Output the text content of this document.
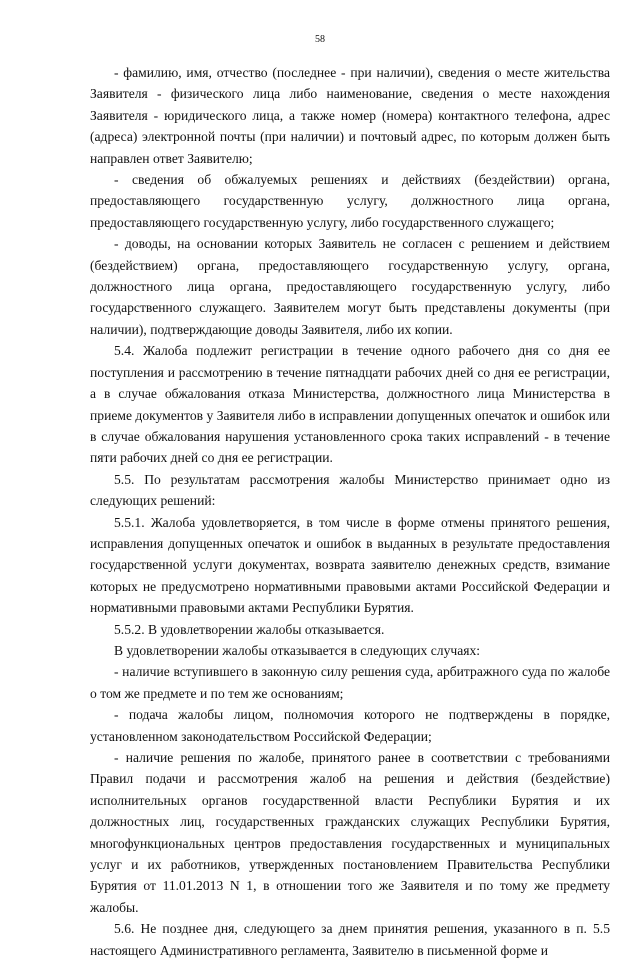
58

- фамилию, имя, отчество (последнее - при наличии), сведения о месте жительства Заявителя - физического лица либо наименование, сведения о месте нахождения Заявителя - юридического лица, а также номер (номера) контактного телефона, адрес (адреса) электронной почты (при наличии) и почтовый адрес, по которым должен быть направлен ответ Заявителю;

- сведения об обжалуемых решениях и действиях (бездействии) органа, предоставляющего государственную услугу, должностного лица органа, предоставляющего государственную услугу, либо государственного служащего;

- доводы, на основании которых Заявитель не согласен с решением и действием (бездействием) органа, предоставляющего государственную услугу, органа, должностного лица органа, предоставляющего государственную услугу, либо государственного служащего. Заявителем могут быть представлены документы (при наличии), подтверждающие доводы Заявителя, либо их копии.

5.4. Жалоба подлежит регистрации в течение одного рабочего дня со дня ее поступления и рассмотрению в течение пятнадцати рабочих дней со дня ее регистрации, а в случае обжалования отказа Министерства, должностного лица Министерства в приеме документов у Заявителя либо в исправлении допущенных опечаток и ошибок или в случае обжалования нарушения установленного срока таких исправлений - в течение пяти рабочих дней со дня ее регистрации.

5.5. По результатам рассмотрения жалобы Министерство принимает одно из следующих решений:

5.5.1. Жалоба удовлетворяется, в том числе в форме отмены принятого решения, исправления допущенных опечаток и ошибок в выданных в результате предоставления государственной услуги документах, возврата заявителю денежных средств, взимание которых не предусмотрено нормативными правовыми актами Российской Федерации и нормативными правовыми актами Республики Бурятия.

5.5.2. В удовлетворении жалобы отказывается.

В удовлетворении жалобы отказывается в следующих случаях:

- наличие вступившего в законную силу решения суда, арбитражного суда по жалобе о том же предмете и по тем же основаниям;

- подача жалобы лицом, полномочия которого не подтверждены в порядке, установленном законодательством Российской Федерации;

- наличие решения по жалобе, принятого ранее в соответствии с требованиями Правил подачи и рассмотрения жалоб на решения и действия (бездействие) исполнительных органов государственной власти Республики Бурятия и их должностных лиц, государственных гражданских служащих Республики Бурятия, многофункциональных центров предоставления государственных и муниципальных услуг и их работников, утвержденных постановлением Правительства Республики Бурятия от 11.01.2013 N 1, в отношении того же Заявителя и по тому же предмету жалобы.

5.6. Не позднее дня, следующего за днем принятия решения, указанного в п. 5.5 настоящего Административного регламента, Заявителю в письменной форме и
